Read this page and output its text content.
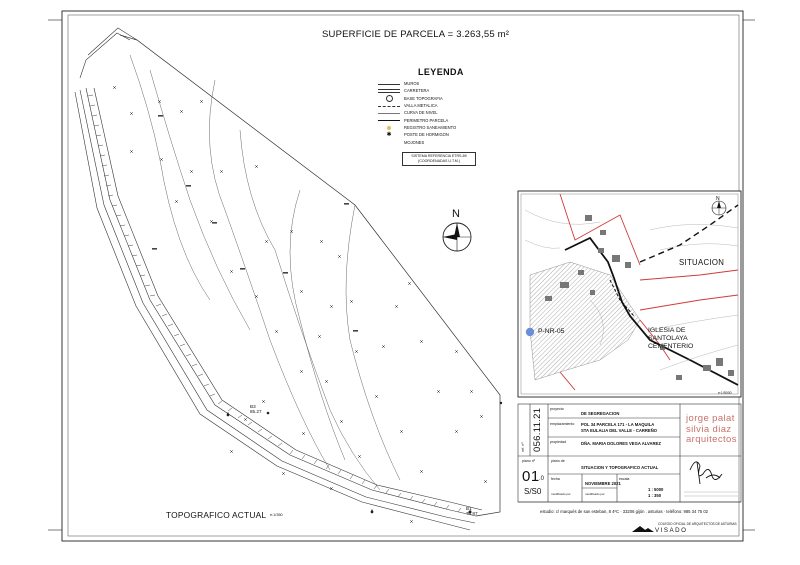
SUPERFICIE DE PARCELA = 3.263,55 m²
LEYENDA
MUROS
CARRETERA
BASE TOPOGRAFIA
VALLA METALICA
CURVA DE NIVEL
PERIMETRO PARCELA
REGISTRO SANEAMIENTO
✱	POSTE DE HORMIGON
MOJONES
SISTEMA REFERENCIA ETRS-89
(COORDENADAS U.T.M.)
N
TOPOGRAFICO ACTUAL e:1/350
B3
85.27
B1
74.87
SITUACION
IGLESIA DE
SANTOLAYA
CEMENTERIO
P-NR-05
e:1/5000
N
ref. nº 056.11.21 proyecto
DE SEGREGACION
emplazamiento POL 34 PARCELA 171 - LA MAQUILA
STA EULALIA DEL VALLE - CARREÑO
propiedad	DÑA. MARIA DOLORES VEGA ALVAREZ
plano nº
01 .0
S/S0
plano de
SITUACION Y TOPOGRAFICO ACTUAL
fecha
NOVIEMBRE 2021
modificado por	modificado por
escala
1 : 5000
1 : 350
jorge palat
silvia diaz
arquitectos
estudio: c/ marqués de san esteban, 8 4ºC · 33206 gijón . asturias · teléfono: 985 34 75 02
COLEGIO OFICIAL DE ARQUITECTOS DE ASTURIAS
VISADO
